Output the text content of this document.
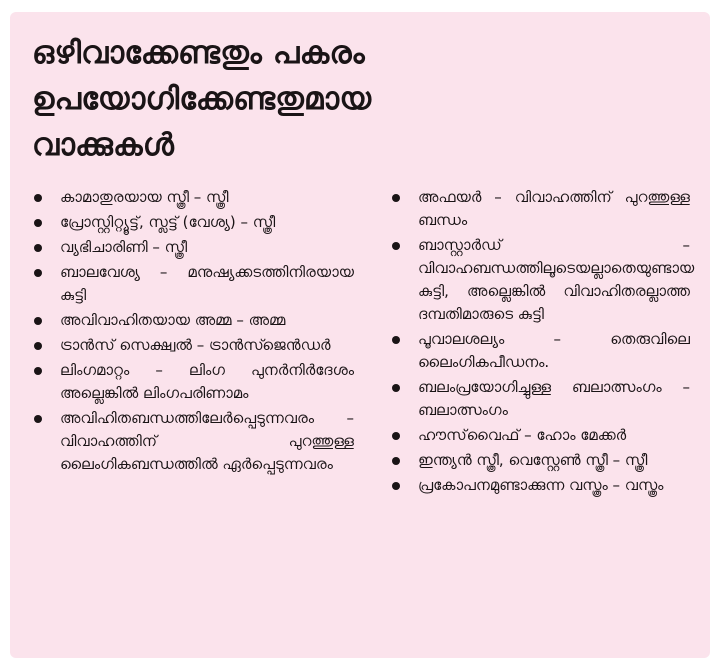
ഒഴിവാക്കേണ്ടതും പകരം
ഉപയോഗിക്കേണ്ടതുമായ
വാക്കുകൾ
കാമാതുരയായ സ്ത്രീ – സ്ത്രീ
പ്രോസ്റ്റിറ്റ്യൂട്ട്, സ്ലട്ട് (വേശ്യ) – സ്ത്രീ
വ്യഭിചാരിണി – സ്ത്രീ
ബാലവേശ്യ – മനുഷ്യക്കടത്തിനിരയായ കുട്ടി
അവിവാഹിതയായ അമ്മ – അമ്മ
ട്രാൻസ് സെക്ഷ്വൽ – ട്രാൻസ്ജെൻഡർ
ലിംഗമാറ്റം – ലിംഗ പുനർനിർദേശം അല്ലെങ്കിൽ ലിംഗപരിണാമം
അവിഹിതബന്ധത്തിലേർപ്പെടുന്നവരം – വിവാഹത്തിന് പുറത്തുള്ള ലൈംഗികബന്ധത്തിൽ ഏർപ്പെടുന്നവരം
അഫയർ – വിവാഹത്തിന് പുറത്തുള്ള ബന്ധം
ബാസ്റ്റാർഡ് – വിവാഹബന്ധത്തിലൂടെയല്ലാതെയുണ്ടായ കുട്ടി, അല്ലെങ്കിൽ വിവാഹിതരല്ലാത്ത ദമ്പതിമാരുടെ കുട്ടി
പൂവാലശല്യം – തെരുവിലെ ലൈംഗികപീഡനം.
ബലംപ്രയോഗിച്ചുള്ള ബലാത്സംഗം – ബലാത്സംഗം
ഹൗസ്‌വൈഫ് – ഹോം മേക്കർ
ഇന്ത്യൻ സ്ത്രീ, വെസ്റ്റേൺ സ്ത്രീ – സ്ത്രീ
പ്രകോപനമുണ്ടാക്കുന്ന വസ്ത്രം – വസ്ത്രം
